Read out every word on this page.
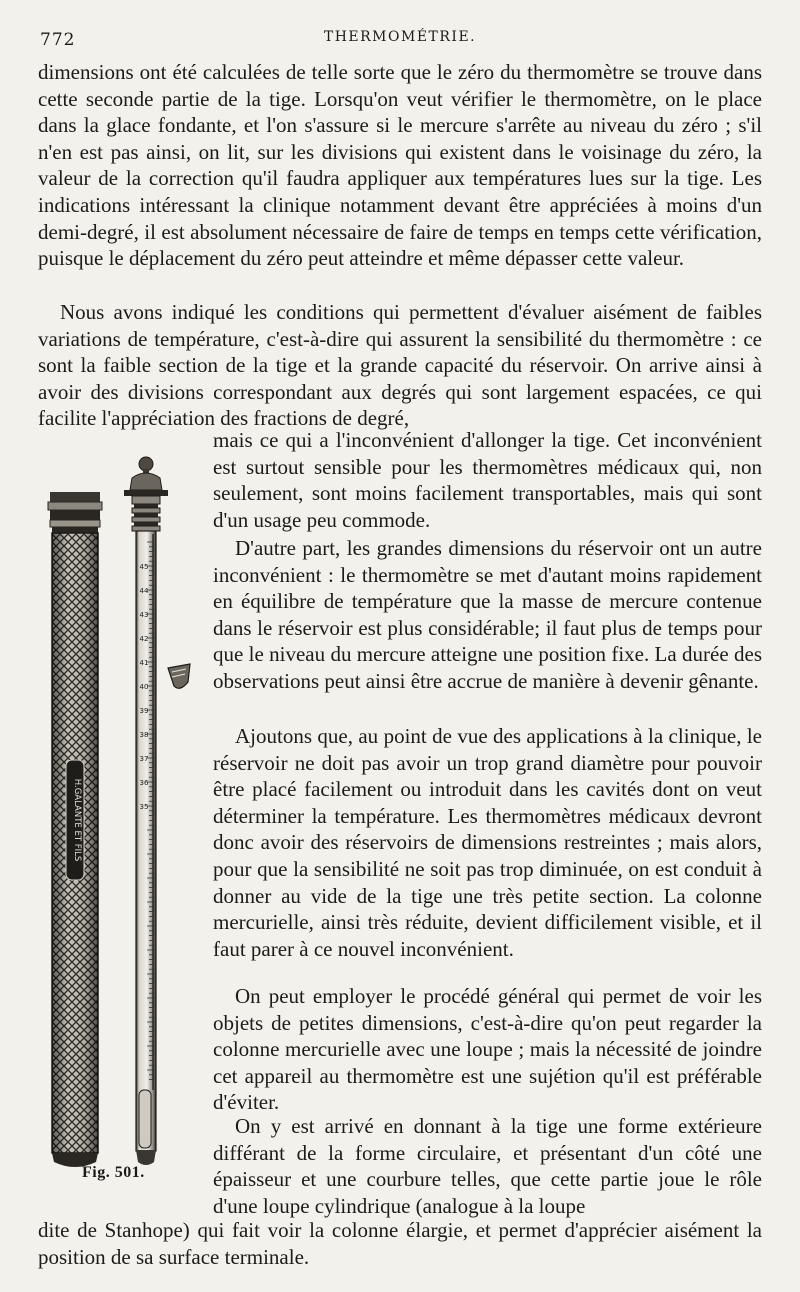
772	THERMOMÉTRIE.

dimensions ont été calculées de telle sorte que le zéro du thermomètre se trouve dans cette seconde partie de la tige. Lorsqu'on veut vérifier le thermomètre, on le place dans la glace fondante, et l'on s'assure si le mercure s'arrête au niveau du zéro ; s'il n'en est pas ainsi, on lit, sur les divisions qui existent dans le voisinage du zéro, la valeur de la correction qu'il faudra appliquer aux températures lues sur la tige. Les indications intéressant la clinique notamment devant être appréciées à moins d'un demi-degré, il est absolument nécessaire de faire de temps en temps cette vérification, puisque le déplacement du zéro peut atteindre et même dépasser cette valeur.

Nous avons indiqué les conditions qui permettent d'évaluer aisément de faibles variations de température, c'est-à-dire qui assurent la sensibilité du thermomètre : ce sont la faible section de la tige et la grande capacité du réservoir. On arrive ainsi à avoir des divisions correspondant aux degrés qui sont largement espacées, ce qui facilite l'appréciation des fractions de degré,

mais ce qui a l'inconvénient d'allonger la tige. Cet inconvénient est surtout sensible pour les thermomètres médicaux qui, non seulement, sont moins facilement transportables, mais qui sont d'un usage peu commode.

D'autre part, les grandes dimensions du réservoir ont un autre inconvénient : le thermomètre se met d'autant moins rapidement en équilibre de température que la masse de mercure contenue dans le réservoir est plus considérable; il faut plus de temps pour que le niveau du mercure atteigne une position fixe. La durée des observations peut ainsi être accrue de manière à devenir gênante.

Ajoutons que, au point de vue des applications à la clinique, le réservoir ne doit pas avoir un trop grand diamètre pour pouvoir être placé facilement ou introduit dans les cavités dont on veut déterminer la température. Les thermomètres médicaux devront donc avoir des réservoirs de dimensions restreintes ; mais alors, pour que la sensibilité ne soit pas trop diminuée, on est conduit à donner au vide de la tige une très petite section. La colonne mercurielle, ainsi très réduite, devient difficilement visible, et il faut parer à ce nouvel inconvénient.

On peut employer le procédé général qui permet de voir les objets de petites dimensions, c'est-à-dire qu'on peut regarder la colonne mercurielle avec une loupe ; mais la nécessité de joindre cet appareil au thermomètre est une sujétion qu'il est préférable d'éviter.

On y est arrivé en donnant à la tige une forme extérieure différant de la forme circulaire, et présentant d'un côté une épaisseur et une courbure telles, que cette partie joue le rôle d'une loupe cylindrique (analogue à la loupe

dite de Stanhope) qui fait voir la colonne élargie, et permet d'apprécier aisément la position de sa surface terminale.

H.GALANTE ET FILS
45
44
43
42
41
40
39
38
37
36
35
Fig. 501.
